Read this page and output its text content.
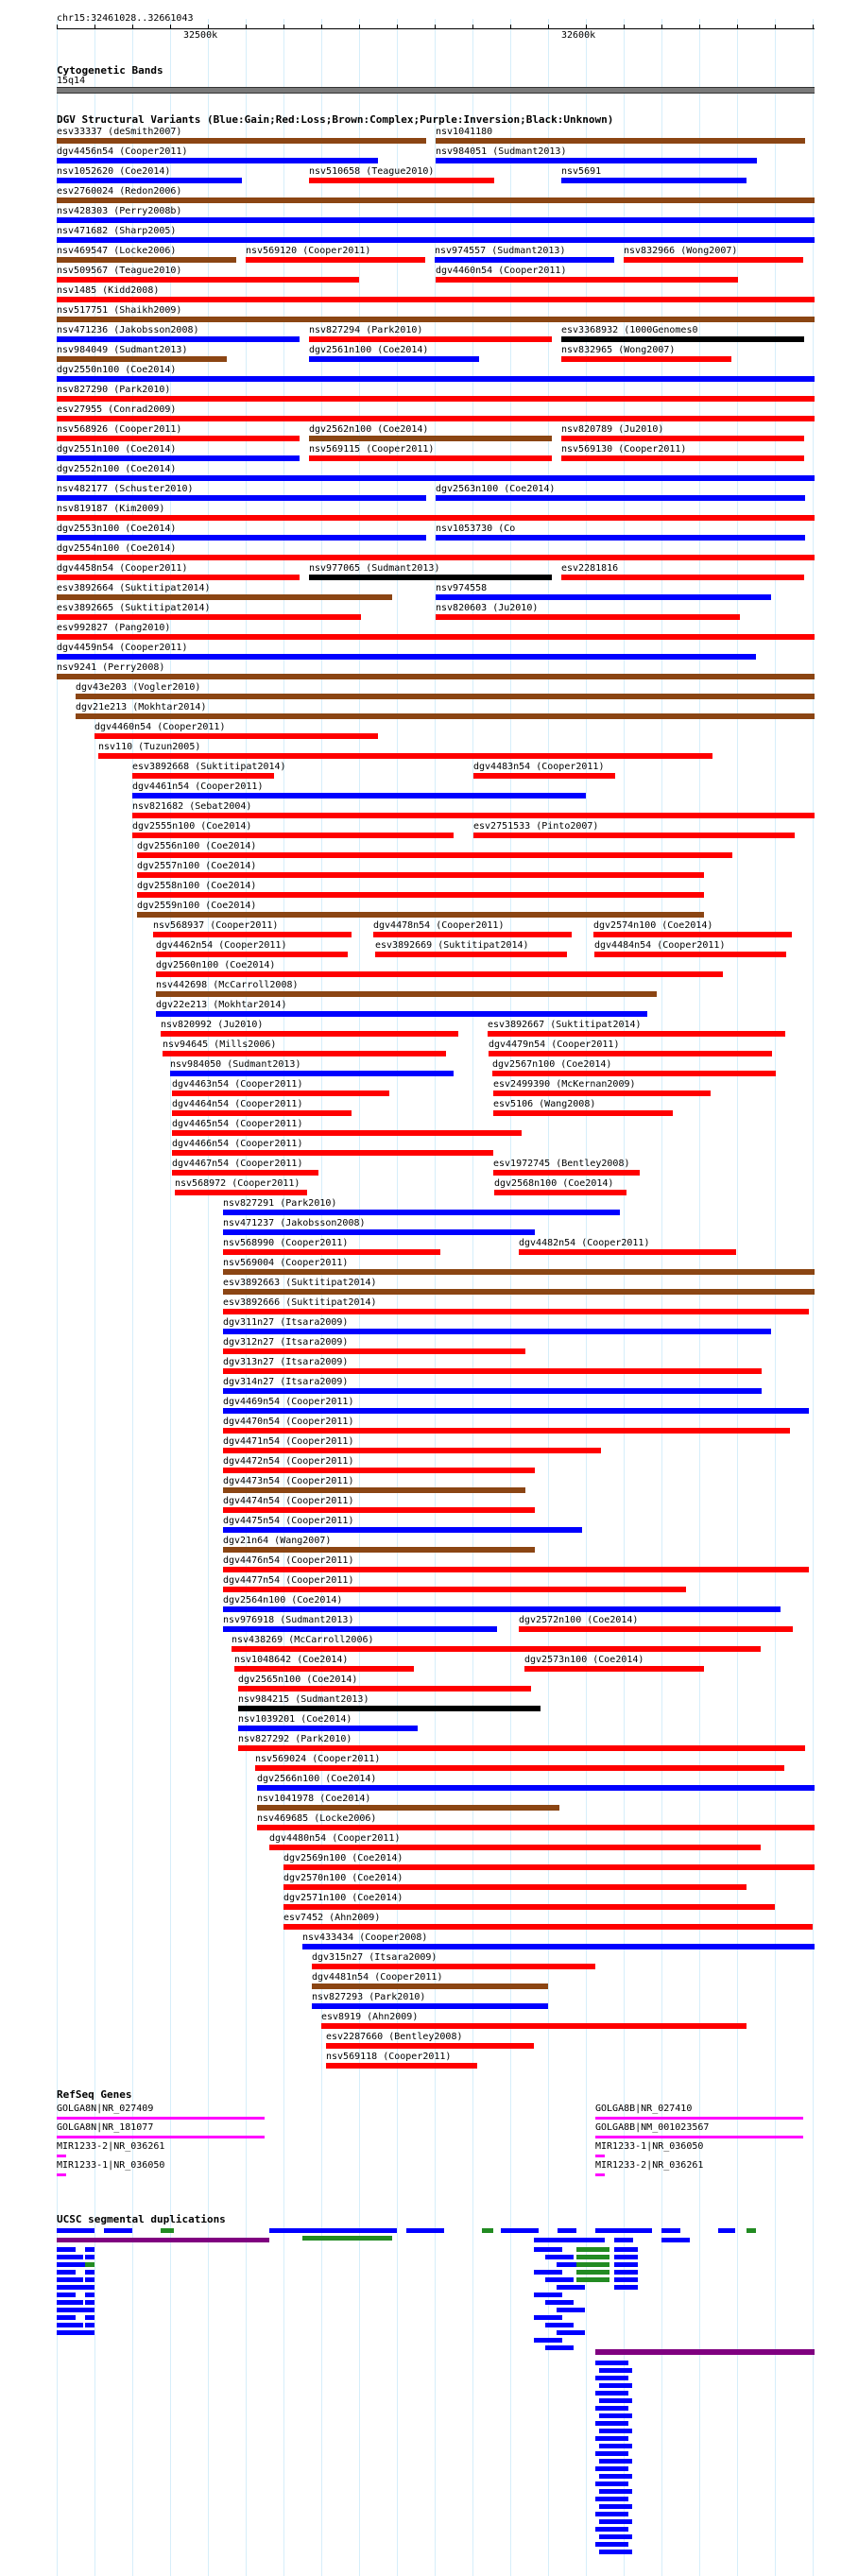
chr15:32461028..32661043
32500k	32600k
Cytogenetic Bands
15q14
DGV Structural Variants (Blue:Gain;Red:Loss;Brown:Complex;Purple:Inversion;Black:Unknown)
esv33337 (deSmith2007)	nsv1041180
dgv4456n54 (Cooper2011)	nsv984051 (Sudmant2013)
nsv1052620 (Coe2014)	nsv510658 (Teague2010)	nsv5691
esv2760024 (Redon2006)
nsv428303 (Perry2008b)
nsv471682 (Sharp2005)
nsv469547 (Locke2006)	nsv569120 (Cooper2011)	nsv974557 (Sudmant2013)	nsv832966 (Wong2007)
nsv509567 (Teague2010)	dgv4460n54 (Cooper2011)
nsv1485 (Kidd2008)
nsv517751 (Shaikh2009)
nsv471236 (Jakobsson2008)	nsv827294 (Park2010)	esv3368932 (1000Genomes0
nsv984049 (Sudmant2013)	dgv2561n100 (Coe2014)	nsv832965 (Wong2007)
dgv2550n100 (Coe2014)
nsv827290 (Park2010)
esv27955 (Conrad2009)
nsv568926 (Cooper2011)	dgv2562n100 (Coe2014)	nsv820789 (Ju2010)
dgv2551n100 (Coe2014)	nsv569115 (Cooper2011)	nsv569130 (Cooper2011)
dgv2552n100 (Coe2014)
nsv482177 (Schuster2010)	dgv2563n100 (Coe2014)
nsv819187 (Kim2009)
dgv2553n100 (Coe2014)	nsv1053730 (Co
dgv2554n100 (Coe2014)
dgv4458n54 (Cooper2011)	nsv977065 (Sudmant2013)	esv2281816
esv3892664 (Suktitipat2014)	nsv974558
esv3892665 (Suktitipat2014)	nsv820603 (Ju2010)
esv992827 (Pang2010)
dgv4459n54 (Cooper2011)
nsv9241 (Perry2008)
dgv43e203 (Vogler2010)
dgv21e213 (Mokhtar2014)
dgv4460n54 (Cooper2011)
nsv110 (Tuzun2005)
esv3892668 (Suktitipat2014)	dgv4483n54 (Cooper2011)
dgv4461n54 (Cooper2011)
nsv821682 (Sebat2004)
dgv2555n100 (Coe2014)	esv2751533 (Pinto2007)
dgv2556n100 (Coe2014)
dgv2557n100 (Coe2014)
dgv2558n100 (Coe2014)
dgv2559n100 (Coe2014)
nsv568937 (Cooper2011)	dgv4478n54 (Cooper2011)	dgv2574n100 (Coe2014)
dgv4462n54 (Cooper2011)	esv3892669 (Suktitipat2014)	dgv4484n54 (Cooper2011)
dgv2560n100 (Coe2014)
nsv442698 (McCarroll2008)
dgv22e213 (Mokhtar2014)
nsv820992 (Ju2010)	esv3892667 (Suktitipat2014)
nsv94645 (Mills2006)	dgv4479n54 (Cooper2011)
nsv984050 (Sudmant2013)	dgv2567n100 (Coe2014)
dgv4463n54 (Cooper2011)	esv2499390 (McKernan2009)
dgv4464n54 (Cooper2011)	esv5106 (Wang2008)
dgv4465n54 (Cooper2011)
dgv4466n54 (Cooper2011)
dgv4467n54 (Cooper2011)	esv1972745 (Bentley2008)
nsv568972 (Cooper2011)	dgv2568n100 (Coe2014)
nsv827291 (Park2010)
nsv471237 (Jakobsson2008)
nsv568990 (Cooper2011)	dgv4482n54 (Cooper2011)
nsv569004 (Cooper2011)
esv3892663 (Suktitipat2014)
esv3892666 (Suktitipat2014)
dgv311n27 (Itsara2009)
dgv312n27 (Itsara2009)
dgv313n27 (Itsara2009)
dgv314n27 (Itsara2009)
dgv4469n54 (Cooper2011)
dgv4470n54 (Cooper2011)
dgv4471n54 (Cooper2011)
dgv4472n54 (Cooper2011)
dgv4473n54 (Cooper2011)
dgv4474n54 (Cooper2011)
dgv4475n54 (Cooper2011)
dgv21n64 (Wang2007)
dgv4476n54 (Cooper2011)
dgv4477n54 (Cooper2011)
dgv2564n100 (Coe2014)
nsv976918 (Sudmant2013)	dgv2572n100 (Coe2014)
nsv438269 (McCarroll2006)
nsv1048642 (Coe2014)	dgv2573n100 (Coe2014)
dgv2565n100 (Coe2014)
nsv984215 (Sudmant2013)
nsv1039201 (Coe2014)
nsv827292 (Park2010)
nsv569024 (Cooper2011)
dgv2566n100 (Coe2014)
nsv1041978 (Coe2014)
nsv469685 (Locke2006)
dgv4480n54 (Cooper2011)
dgv2569n100 (Coe2014)
dgv2570n100 (Coe2014)
dgv2571n100 (Coe2014)
esv7452 (Ahn2009)
nsv433434 (Cooper2008)
dgv315n27 (Itsara2009)
dgv4481n54 (Cooper2011)
nsv827293 (Park2010)
esv8919 (Ahn2009)
esv2287660 (Bentley2008)
nsv569118 (Cooper2011)
RefSeq Genes
GOLGA8N|NR_027409
GOLGA8N|NR_181077
MIR1233-2|NR_036261
MIR1233-1|NR_036050
GOLGA8B|NR_027410
GOLGA8B|NM_001023567
MIR1233-1|NR_036050
MIR1233-2|NR_036261
UCSC segmental duplications
